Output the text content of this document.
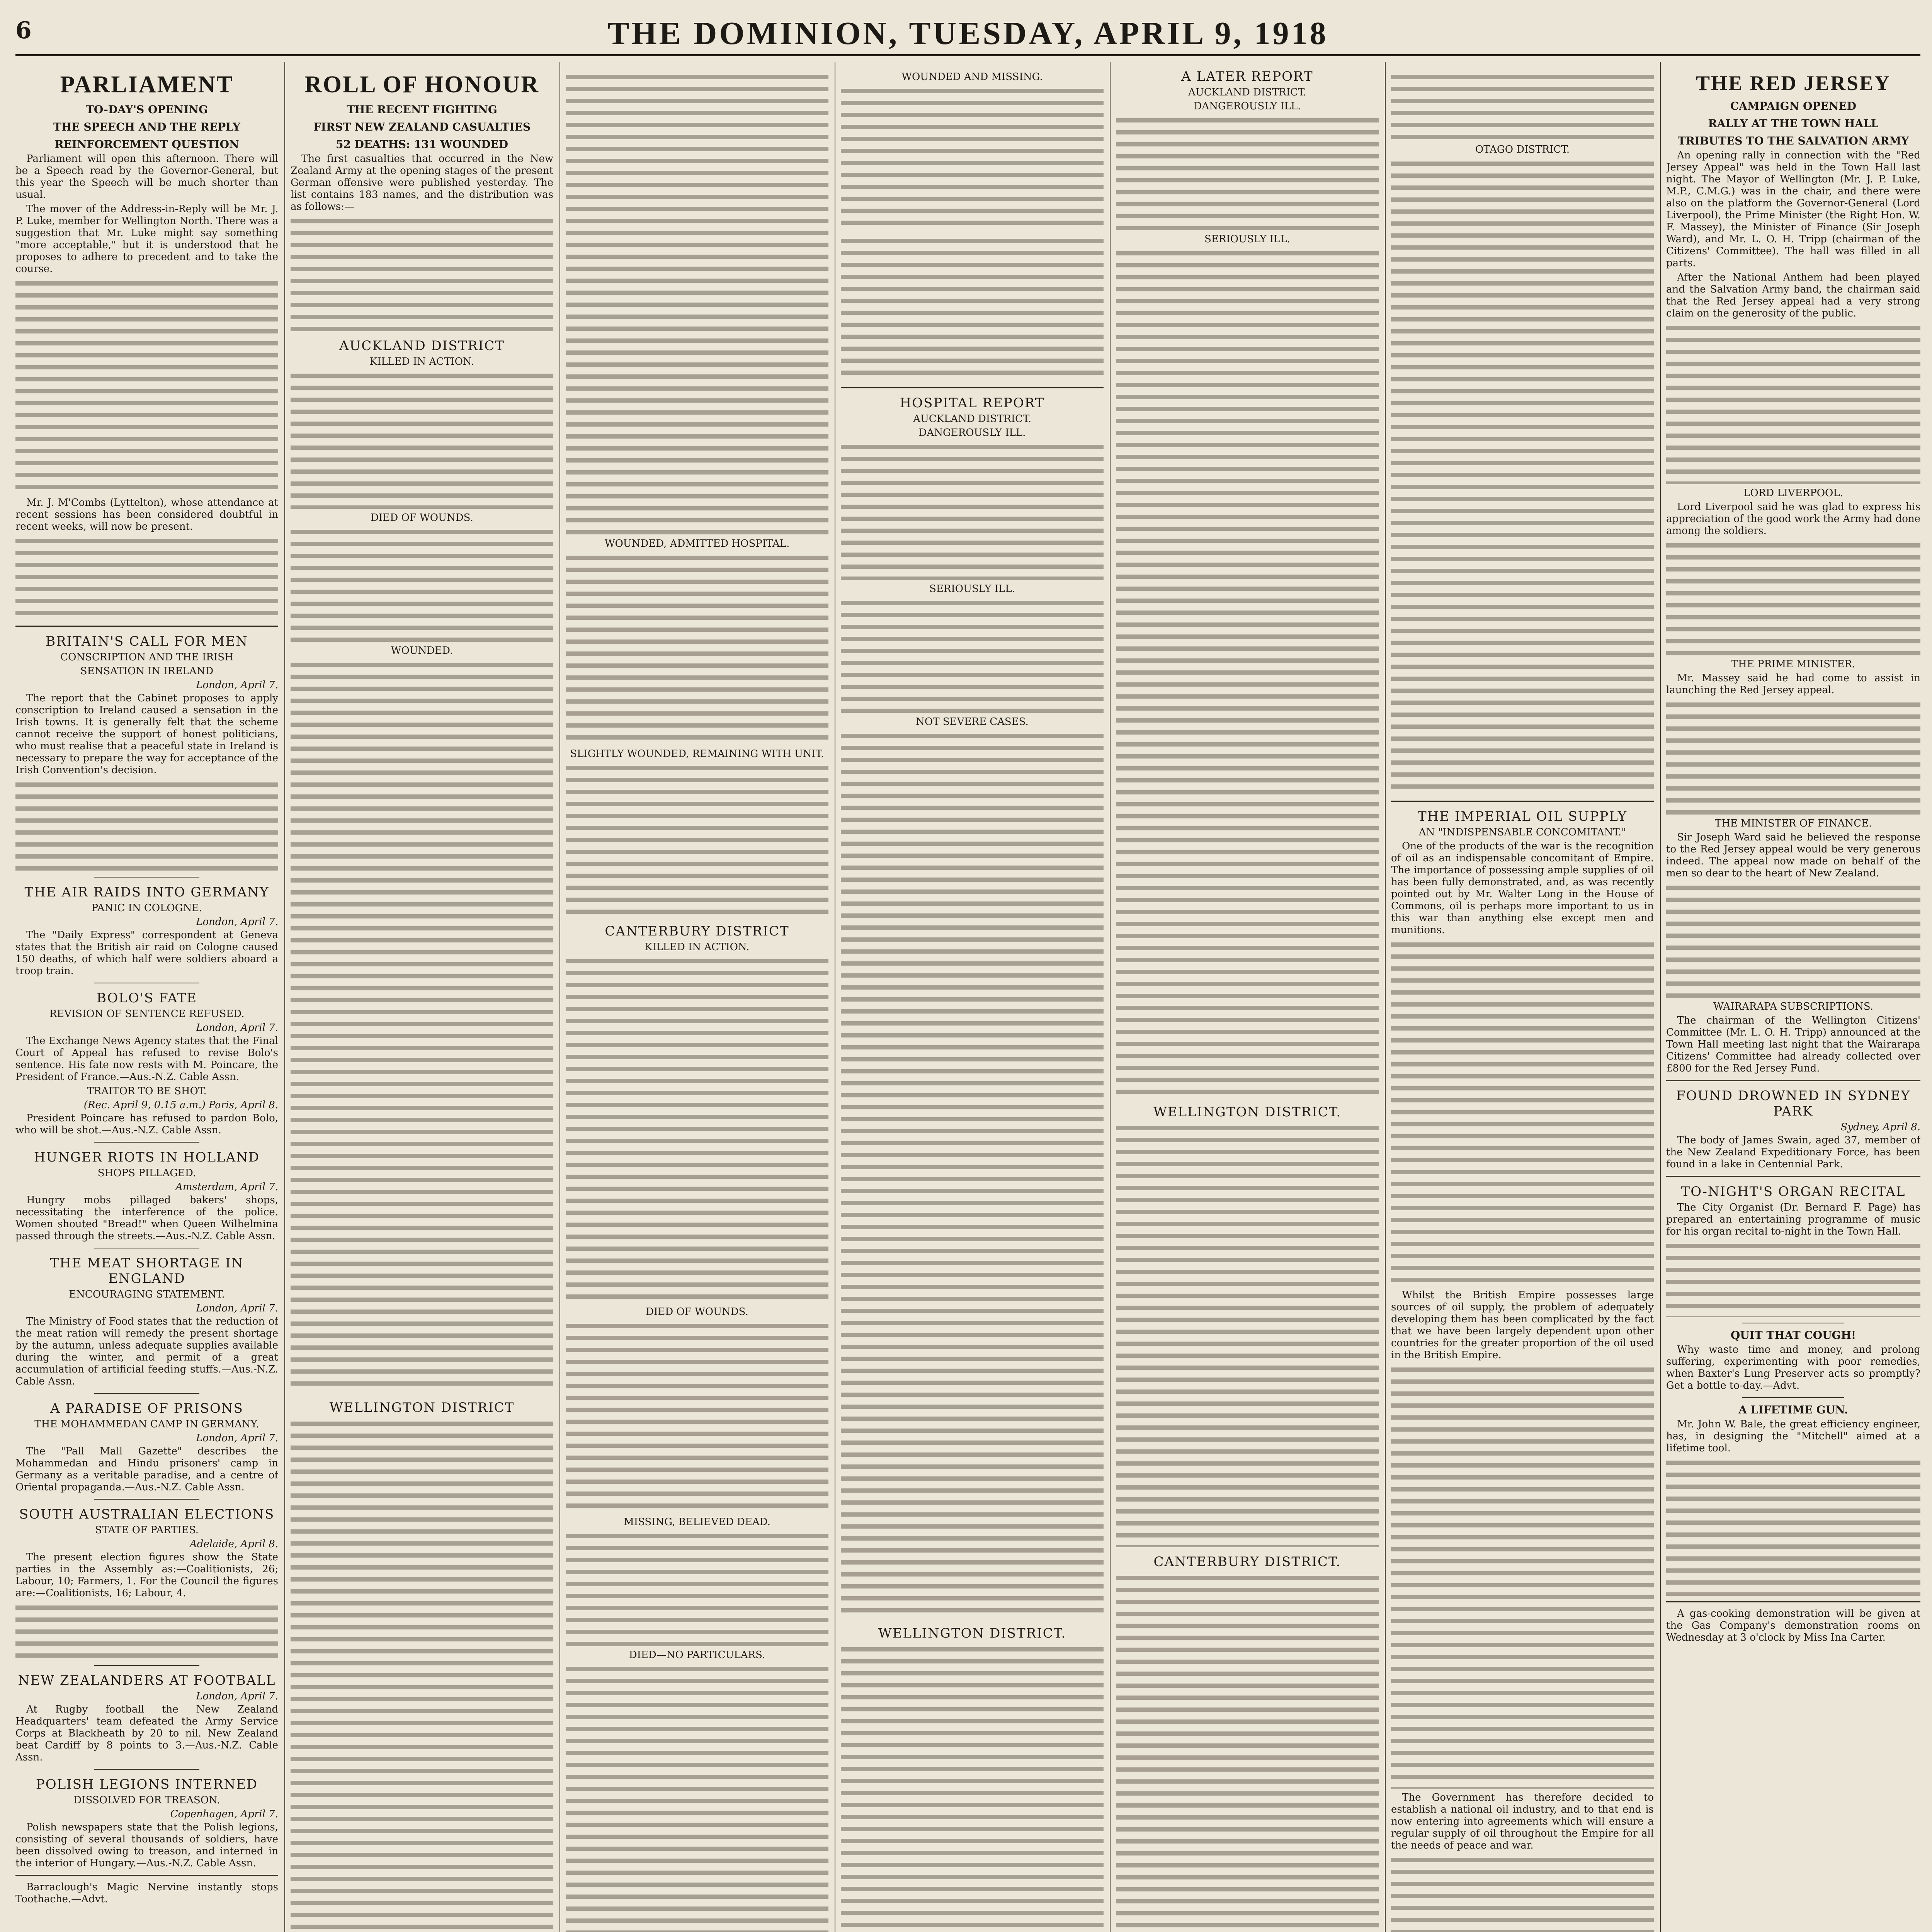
6	THE DOMINION, TUESDAY, APRIL 9, 1918
PARLIAMENT
TO-DAY'S OPENING
THE SPEECH AND THE REPLY
REINFORCEMENT QUESTION

Parliament will open this afternoon. There will be a Speech read by the Governor-General, but this year the Speech will be much shorter than usual.

The mover of the Address-in-Reply will be Mr. J. P. Luke, member for Wellington North. There was a suggestion that Mr. Luke might say something "more acceptable," but it is understood that he proposes to adhere to precedent and to take the course.

Mr. J. M'Combs (Lyttelton), whose attendance at recent sessions has been considered doubtful in recent weeks, will now be present.

BRITAIN'S CALL FOR MEN
CONSCRIPTION AND THE IRISH
SENSATION IN IRELAND
London, April 7.

The report that the Cabinet proposes to apply conscription to Ireland caused a sensation in the Irish towns. It is generally felt that the scheme cannot receive the support of honest politicians, who must realise that a peaceful state in Ireland is necessary to prepare the way for acceptance of the Irish Convention's decision.

THE AIR RAIDS INTO GERMANY
PANIC IN COLOGNE.
London, April 7.

The "Daily Express" correspondent at Geneva states that the British air raid on Cologne caused 150 deaths, of which half were soldiers aboard a troop train.

BOLO'S FATE
REVISION OF SENTENCE REFUSED.
London, April 7.

The Exchange News Agency states that the Final Court of Appeal has refused to revise Bolo's sentence. His fate now rests with M. Poincare, the President of France.—Aus.-N.Z. Cable Assn.

TRAITOR TO BE SHOT.
(Rec. April 9, 0.15 a.m.) Paris, April 8.

President Poincare has refused to pardon Bolo, who will be shot.—Aus.-N.Z. Cable Assn.

HUNGER RIOTS IN HOLLAND
SHOPS PILLAGED.
Amsterdam, April 7.

Hungry mobs pillaged bakers' shops, necessitating the interference of the police. Women shouted "Bread!" when Queen Wilhelmina passed through the streets.—Aus.-N.Z. Cable Assn.

THE MEAT SHORTAGE IN ENGLAND
ENCOURAGING STATEMENT.
London, April 7.

The Ministry of Food states that the reduction of the meat ration will remedy the present shortage by the autumn, unless adequate supplies available during the winter, and permit of a great accumulation of artificial feeding stuffs.—Aus.-N.Z. Cable Assn.

A PARADISE OF PRISONS
THE MOHAMMEDAN CAMP IN GERMANY.
London, April 7.

The "Pall Mall Gazette" describes the Mohammedan and Hindu prisoners' camp in Germany as a veritable paradise, and a centre of Oriental propaganda.—Aus.-N.Z. Cable Assn.

SOUTH AUSTRALIAN ELECTIONS
STATE OF PARTIES.
Adelaide, April 8.

The present election figures show the State parties in the Assembly as:—Coalitionists, 26; Labour, 10; Farmers, 1. For the Council the figures are:—Coalitionists, 16; Labour, 4.

NEW ZEALANDERS AT FOOTBALL
London, April 7.

At Rugby football the New Zealand Headquarters' team defeated the Army Service Corps at Blackheath by 20 to nil. New Zealand beat Cardiff by 8 points to 3.—Aus.-N.Z. Cable Assn.

POLISH LEGIONS INTERNED
DISSOLVED FOR TREASON.
Copenhagen, April 7.

Polish newspapers state that the Polish legions, consisting of several thousands of soldiers, have been dissolved owing to treason, and interned in the interior of Hungary.—Aus.-N.Z. Cable Assn.

Barraclough's Magic Nervine instantly stops Toothache.—Advt.

ROLL OF HONOUR
THE RECENT FIGHTING
FIRST NEW ZEALAND CASUALTIES
52 DEATHS: 131 WOUNDED

The first casualties that occurred in the New Zealand Army at the opening stages of the present German offensive were published yesterday. The list contains 183 names, and the distribution was as follows:—

AUCKLAND DISTRICT
KILLED IN ACTION.
DIED OF WOUNDS.
WOUNDED.
WELLINGTON DISTRICT
WOUNDED, ADMITTED HOSPITAL.
SLIGHTLY WOUNDED, REMAINING WITH UNIT.
CANTERBURY DISTRICT
KILLED IN ACTION.
DIED OF WOUNDS.
MISSING, BELIEVED DEAD.
DIED—NO PARTICULARS.
WOUNDED AND MISSING.
HOSPITAL REPORT
AUCKLAND DISTRICT.
DANGEROUSLY ILL.
SERIOUSLY ILL.
NOT SEVERE CASES.
WELLINGTON DISTRICT.
A LATER REPORT
AUCKLAND DISTRICT.
DANGEROUSLY ILL.
SERIOUSLY ILL.
WELLINGTON DISTRICT.
CANTERBURY DISTRICT.
OTAGO DISTRICT.
THE IMPERIAL OIL SUPPLY
AN "INDISPENSABLE CONCOMITANT."

One of the products of the war is the recognition of oil as an indispensable concomitant of Empire. The importance of possessing ample supplies of oil has been fully demonstrated, and, as was recently pointed out by Mr. Walter Long in the House of Commons, oil is perhaps more important to us in this war than anything else except men and munitions.

Whilst the British Empire possesses large sources of oil supply, the problem of adequately developing them has been complicated by the fact that we have been largely dependent upon other countries for the greater proportion of the oil used in the British Empire.

The Government has therefore decided to establish a national oil industry, and to that end is now entering into agreements which will ensure a regular supply of oil throughout the Empire for all the needs of peace and war.

THE RED JERSEY
CAMPAIGN OPENED
RALLY AT THE TOWN HALL
TRIBUTES TO THE SALVATION ARMY

An opening rally in connection with the "Red Jersey Appeal" was held in the Town Hall last night. The Mayor of Wellington (Mr. J. P. Luke, M.P., C.M.G.) was in the chair, and there were also on the platform the Governor-General (Lord Liverpool), the Prime Minister (the Right Hon. W. F. Massey), the Minister of Finance (Sir Joseph Ward), and Mr. L. O. H. Tripp (chairman of the Citizens' Committee). The hall was filled in all parts.

After the National Anthem had been played and the Salvation Army band, the chairman said that the Red Jersey appeal had a very strong claim on the generosity of the public.

LORD LIVERPOOL.

Lord Liverpool said he was glad to express his appreciation of the good work the Army had done among the soldiers.

THE PRIME MINISTER.

Mr. Massey said he had come to assist in launching the Red Jersey appeal.

THE MINISTER OF FINANCE.

Sir Joseph Ward said he believed the response to the Red Jersey appeal would be very generous indeed. The appeal now made on behalf of the men so dear to the heart of New Zealand.

WAIRARAPA SUBSCRIPTIONS.

The chairman of the Wellington Citizens' Committee (Mr. L. O. H. Tripp) announced at the Town Hall meeting last night that the Wairarapa Citizens' Committee had already collected over £800 for the Red Jersey Fund.

FOUND DROWNED IN SYDNEY PARK
Sydney, April 8.

The body of James Swain, aged 37, member of the New Zealand Expeditionary Force, has been found in a lake in Centennial Park.

TO-NIGHT'S ORGAN RECITAL

The City Organist (Dr. Bernard F. Page) has prepared an entertaining programme of music for his organ recital to-night in the Town Hall.

QUIT THAT COUGH!

Why waste time and money, and prolong suffering, experimenting with poor remedies, when Baxter's Lung Preserver acts so promptly? Get a bottle to-day.—Advt.

A LIFETIME GUN.

Mr. John W. Bale, the great efficiency engineer, has, in designing the "Mitchell" aimed at a lifetime tool.

A gas-cooking demonstration will be given at the Gas Company's demonstration rooms on Wednesday at 3 o'clock by Miss Ina Carter.
